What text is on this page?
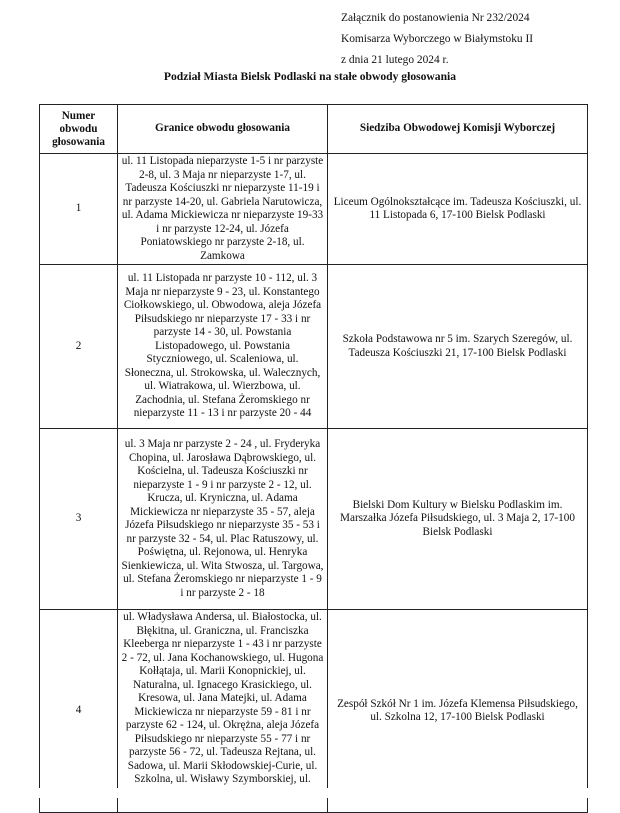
Załącznik do postanowienia Nr 232/2024
Komisarza Wyborczego w Białymstoku II
z dnia 21 lutego 2024 r.
Podział Miasta Bielsk Podlaski na stałe obwody głosowania
Numer obwodu głosowania	Granice obwodu głosowania	Siedziba Obwodowej Komisji Wyborczej
1	ul. 11 Listopada nieparzyste 1-5 i nr parzyste 2-8, ul. 3 Maja nr nieparzyste 1-7, ul. Tadeusza Kościuszki nr nieparzyste 11-19 i nr parzyste 14-20, ul. Gabriela Narutowicza, ul. Adama Mickiewicza nr nieparzyste 19-33 i nr parzyste 12-24, ul. Józefa Poniatowskiego nr parzyste 2-18, ul. Zamkowa	Liceum Ogólnokształcące im. Tadeusza Kościuszki, ul. 11 Listopada 6, 17-100 Bielsk Podlaski
2	ul. 11 Listopada nr parzyste 10 - 112, ul. 3 Maja nr nieparzyste 9 - 23, ul. Konstantego Ciołkowskiego, ul. Obwodowa, aleja Józefa Piłsudskiego nr nieparzyste 17 - 33 i nr parzyste 14 - 30, ul. Powstania Listopadowego, ul. Powstania Styczniowego, ul. Scaleniowa, ul. Słoneczna, ul. Strokowska, ul. Walecznych, ul. Wiatrakowa, ul. Wierzbowa, ul. Zachodnia, ul. Stefana Żeromskiego nr nieparzyste 11 - 13 i nr parzyste 20 - 44	Szkoła Podstawowa nr 5 im. Szarych Szeregów, ul. Tadeusza Kościuszki 21, 17-100 Bielsk Podlaski
3	ul. 3 Maja nr parzyste 2 - 24 , ul. Fryderyka Chopina, ul. Jarosława Dąbrowskiego, ul. Kościelna, ul. Tadeusza Kościuszki nr nieparzyste 1 - 9 i nr parzyste 2 - 12, ul. Krucza, ul. Kryniczna, ul. Adama Mickiewicza nr nieparzyste 35 - 57, aleja Józefa Piłsudskiego nr nieparzyste 35 - 53 i nr parzyste 32 - 54, ul. Plac Ratuszowy, ul. Poświętna, ul. Rejonowa, ul. Henryka Sienkiewicza, ul. Wita Stwosza, ul. Targowa, ul. Stefana Żeromskiego nr nieparzyste 1 - 9 i nr parzyste 2 - 18	Bielski Dom Kultury w Bielsku Podlaskim im. Marszałka Józefa Piłsudskiego, ul. 3 Maja 2, 17-100 Bielsk Podlaski
4	ul. Władysława Andersa, ul. Białostocka, ul. Błękitna, ul. Graniczna, ul. Franciszka Kleeberga nr nieparzyste 1 - 43 i nr parzyste 2 - 72, ul. Jana Kochanowskiego, ul. Hugona Kołłątaja, ul. Marii Konopnickiej, ul. Naturalna, ul. Ignacego Krasickiego, ul. Kresowa, ul. Jana Matejki, ul. Adama Mickiewicza nr nieparzyste 59 - 81 i nr parzyste 62 - 124, ul. Okrężna, aleja Józefa Piłsudskiego nr nieparzyste 55 - 77 i nr parzyste 56 - 72, ul. Tadeusza Rejtana, ul. Sadowa, ul. Marii Skłodowskiej-Curie, ul. Szkolna, ul. Wisławy Szymborskiej, ul.	Zespół Szkół Nr 1 im. Józefa Klemensa Piłsudskiego, ul. Szkolna 12, 17-100 Bielsk Podlaski
